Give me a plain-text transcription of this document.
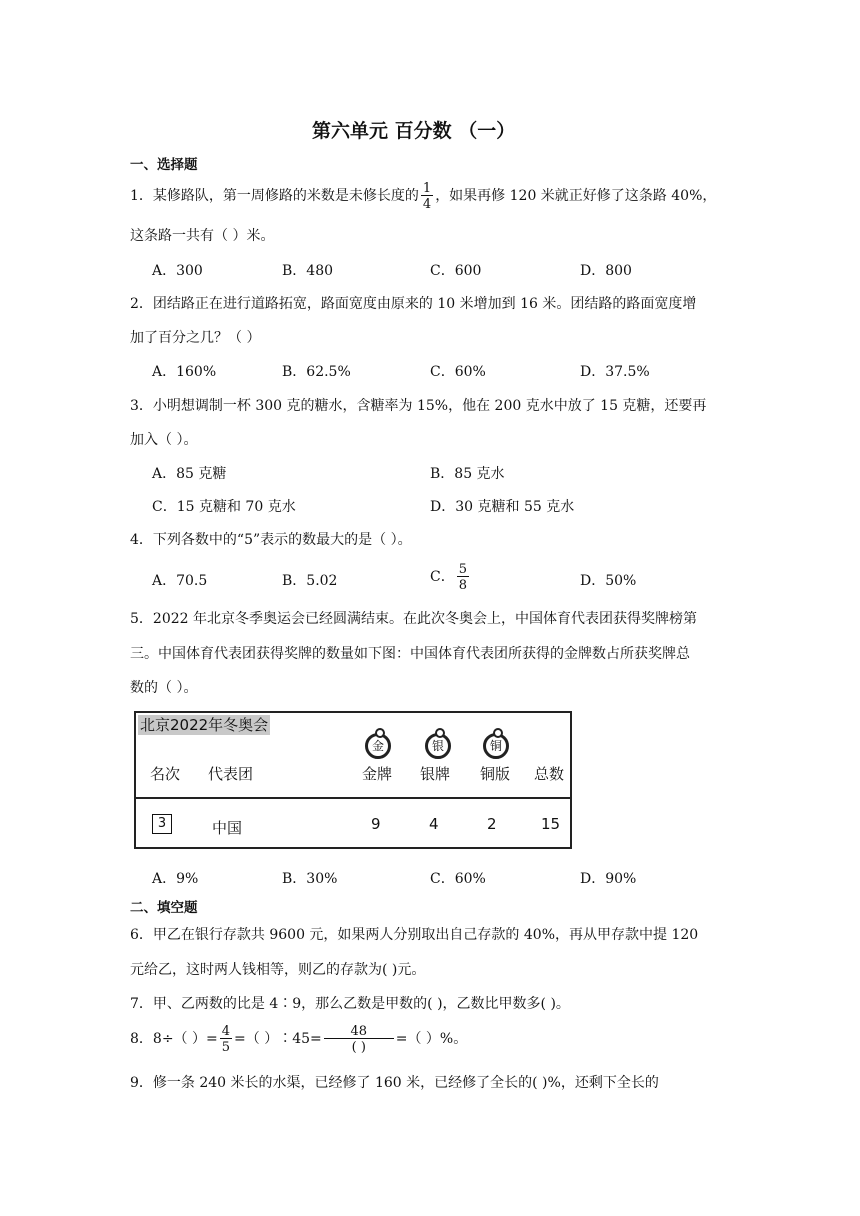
第六单元 百分数 （一）
一、选择题
1．某修路队，第一周修路的米数是未修长度的 $\frac{1}{4}$ ，如果再修 120 米就正好修了这条路 40%，
这条路一共有（ ）米。
A．300	B．480	C．600	D．800
2．团结路正在进行道路拓宽，路面宽度由原来的 10 米增加到 16 米。团结路的路面宽度增
加了百分之几？（ ）
A．160%	B．62.5%	C．60%	D．37.5%
3．小明想调制一杯 300 克的糖水，含糖率为 15%，他在 200 克水中放了 15 克糖，还要再
加入（ ）。
A．85 克糖	B．85 克水
C．15 克糖和 70 克水	D．30 克糖和 55 克水
4．下列各数中的“5”表示的数最大的是（ ）。
A．70.5	B．5.02	C． $\frac{5}{8}$	D．50%
5．2022 年北京冬季奥运会已经圆满结束。在此次冬奥会上，中国体育代表团获得奖牌榜第
三。中国体育代表团获得奖牌的数量如下图：中国体育代表团所获得的金牌数占所获奖牌总
数的（ ）。
北京2022年冬奥会
金	银	铜
名次 代表团	金牌 银牌 铜版 总数
3	中国	9	4	2	15
A．9%	B．30%	C．60%	D．90%
二、填空题
6．甲乙在银行存款共 9600 元，如果两人分别取出自己存款的 40%，再从甲存款中提 120
元给乙，这时两人钱相等，则乙的存款为( )元。
7．甲、乙两数的比是 4∶9，那么乙数是甲数的( )，乙数比甲数多( )。
8．8÷（ ）= $\frac{4}{5}$ =（ ）∶45= $\frac{48}{( )}$ =（ ）%。
9．修一条 240 米长的水渠，已经修了 160 米，已经修了全长的( )%，还剩下全长的
